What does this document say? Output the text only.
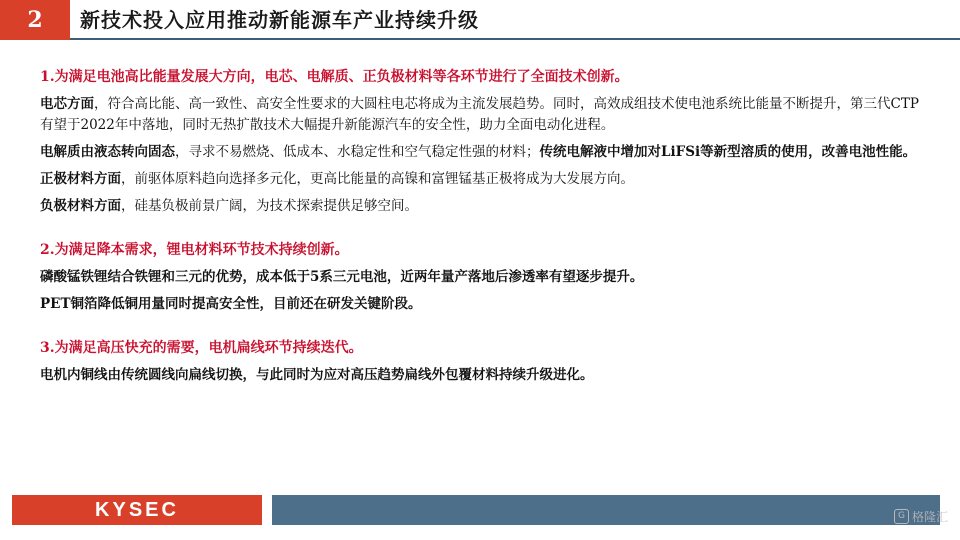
2	新技术投入应用推动新能源车产业持续升级
1.为满足电池高比能量发展大方向，电芯、电解质、正负极材料等各环节进行了全面技术创新。

电芯方面，符合高比能、高一致性、高安全性要求的大圆柱电芯将成为主流发展趋势。同时，高效成组技术使电池系统比能量不断提升，第三代CTP有望于2022年中落地，同时无热扩散技术大幅提升新能源汽车的安全性，助力全面电动化进程。

电解质由液态转向固态，寻求不易燃烧、低成本、水稳定性和空气稳定性强的材料；传统电解液中增加对LiFSi等新型溶质的使用，改善电池性能。

正极材料方面，前驱体原料趋向选择多元化，更高比能量的高镍和富锂锰基正极将成为大发展方向。

负极材料方面，硅基负极前景广阔，为技术探索提供足够空间。

2.为满足降本需求，锂电材料环节技术持续创新。

磷酸锰铁锂结合铁锂和三元的优势，成本低于5系三元电池，近两年量产落地后渗透率有望逐步提升。

PET铜箔降低铜用量同时提高安全性，目前还在研发关键阶段。

3.为满足高压快充的需要，电机扁线环节持续迭代。

电机内铜线由传统圆线向扁线切换，与此同时为应对高压趋势扁线外包覆材料持续升级进化。

KYSEC	G 格隆汇
